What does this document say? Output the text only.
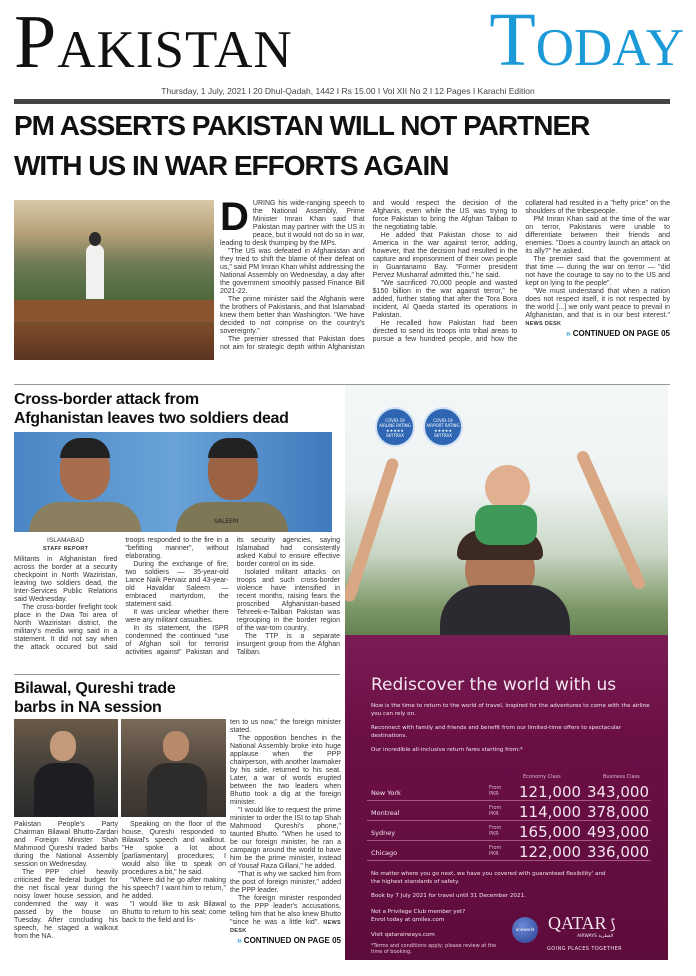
Pakistan	Today
Thursday, 1 July, 2021 I 20 Dhul-Qadah, 1442 I Rs 15.00 I Vol XII No 2 I 12 Pages I Karachi Edition
PM ASSERTS PAKISTAN WILL NOT PARTNER
WITH US IN WAR EFFORTS AGAIN
D URING his wide-ranging speech to the National Assembly, Prime Minister Imran Khan said that Pakistan may partner with the US in peace, but it would not do so in war, leading to desk thumping by the MPs.

"The US was defeated in Afghanistan and they tried to shift the blame of their defeat on us," said PM Imran Khan whilst addressing the National Assembly on Wednesday, a day after the government smoothly passed Finance Bill 2021-22.

The prime minister said the Afghanis were the brothers of Pakistanis, and that Islamabad knew them better than Washington. "We have decided to not comprise on the country's sovereignty."

The premier stressed that Pakistan does not aim for strategic depth within Afghanistan and would respect the decision of the Afghanis, even while the US was trying to force Pakistan to bring the Afghan Taliban to the negotiating table.

He added that Pakistan chose to aid America in the war against terror, adding, however, that the decision had resulted in the capture and imprisonment of their own people in Guantanamo Bay. "Former president Pervez Musharraf admitted this," he said.

"We sacrificed 70,000 people and wasted $150 billion in the war against terror," he added, further stating that after the Tora Bora incident, Al Qaeda started its operations in Pakistan.

He recalled how Pakistan had been directed to send its troops into tribal areas to pursue a few hundred people, and how the collateral had resulted in a "hefty price" on the shoulders of the tribespeople.

PM Imran Khan said at the time of the war on terror, Pakistanis were unable to differentiate between their friends and enemies. "Does a country launch an attack on its ally?" he asked.

The premier said that the government at that time — during the war on terror — "did not have the courage to say no to the US and kept on lying to the people".

"We must understand that when a nation does not respect itself, it is not respected by the world [...] we only want peace to prevail in Afghanistan, and that is in our best interest." NEWS DESK

» CONTINUED ON PAGE 05
Cross-border attack from
Afghanistan leaves two soldiers dead
SALEEM
ISLAMABAD
STAFF REPORT

Militants in Afghanistan fired across the border at a security checkpoint in North Waziristan, leaving two soldiers dead, the Inter-Services Public Relations said Wednesday.

The cross-border firefight took place in the Dwa Toi area of North Waziristan district, the military's media wing said in a statement. It did not say when the attack occured but said troops responded to the fire in a "befitting manner", without elaborating.

During the exchange of fire, two soldiers — 35-year-old Lance Naik Pervaiz and 43-year-old Havaldar Saleem — embraced martyrdom, the statement said.

It was unclear whether there were any militant casualties.

In its statement, the ISPR condemned the continued "use of Afghan soil for terrorist activities against" Pakistan and its security agencies, saying Islamabad had consistently asked Kabul to ensure effective border control on its side.

Isolated militant attacks on troops and such cross-border violence have intensified in recent months, raising fears the proscribed Afghanistan-based Tehreek-e-Taliban Pakistan was regrouping in the border region of the war-torn country.

The TTP is a separate insurgent group from the Afghan Taliban.

Bilawal, Qureshi trade
barbs in NA session

Pakistan People's Party Chairman Bilawal Bhutto-Zardari and Foreign Minister Shah Mahmood Qureshi traded barbs during the National Assembly session on Wednesday.

The PPP chief heavily criticised the federal budget for the net fiscal year during the noisy lower house session, and condemned the way it was passed by the house on Tuesday. After concluding his speech, he staged a walkout from the NA.

Speaking on the floor of the house, Qureshi responded to Bilawal's speech and walkout. "He spoke a lot about [parliamentary] procedures; I would also like to speak on procedures a bit," he said.

"Where did he go after making his speech? I want him to return," he added.

"I would like to ask Bilawal Bhutto to return to his seat; come back to the field and lis-

ten to us now," the foreign minister stated.

The opposition benches in the National Assembly broke into huge applause when the PPP chairperson, with another lawmaker by his side, returned to his seat. Later, a war of words erupted between the two leaders when Bhutto took a dig at the foreign minister.

"I would like to request the prime minister to order the ISI to tap Shah Mahmood Qureshi's phone," taunted Bhutto. "When he used to be our foreign minister, he ran a campaign around the world to have him be the prime minister, instead of Yousaf Raza Gillani," he added.

"That is why we sacked him from the post of foreign minister," added the PPP leader.

The foreign minister responded to the PPP leader's accusations, telling him that he also knew Bhutto "since he was a little kid". NEWS DESK

» CONTINUED ON PAGE 05
COVID-19
AIRLINE RATING
★★★★★
SKYTRAX
COVID-19
AIRPORT RATING
★★★★★
SKYTRAX
Rediscover the world with us
Now is the time to return to the world of travel, inspired for the adventures to come with the airline you can rely on.
Reconnect with family and friends and benefit from our limited-time offers to spectacular destinations.
Our incredible all-inclusive return fares starting from:*
Economy Class	Business Class
New York
From PKR	121,000 343,000
Montreal
From PKR	114,000 378,000
Sydney
From PKR	165,000 493,000
Chicago
From PKR	122,000 336,000
No matter where you go next, we have you covered with guaranteed flexibility' and the highest standards of safety.
Book by 7 July 2021 for travel until 31 December 2021.
Not a Privilege Club member yet?
Enrol today at qmiles.com
Visit qatarairways.com
*Terms and conditions apply; please review at the time of booking.
oneworld QATAR ⟆
AIRWAYS القطرية
GOING PLACES TOGETHER
